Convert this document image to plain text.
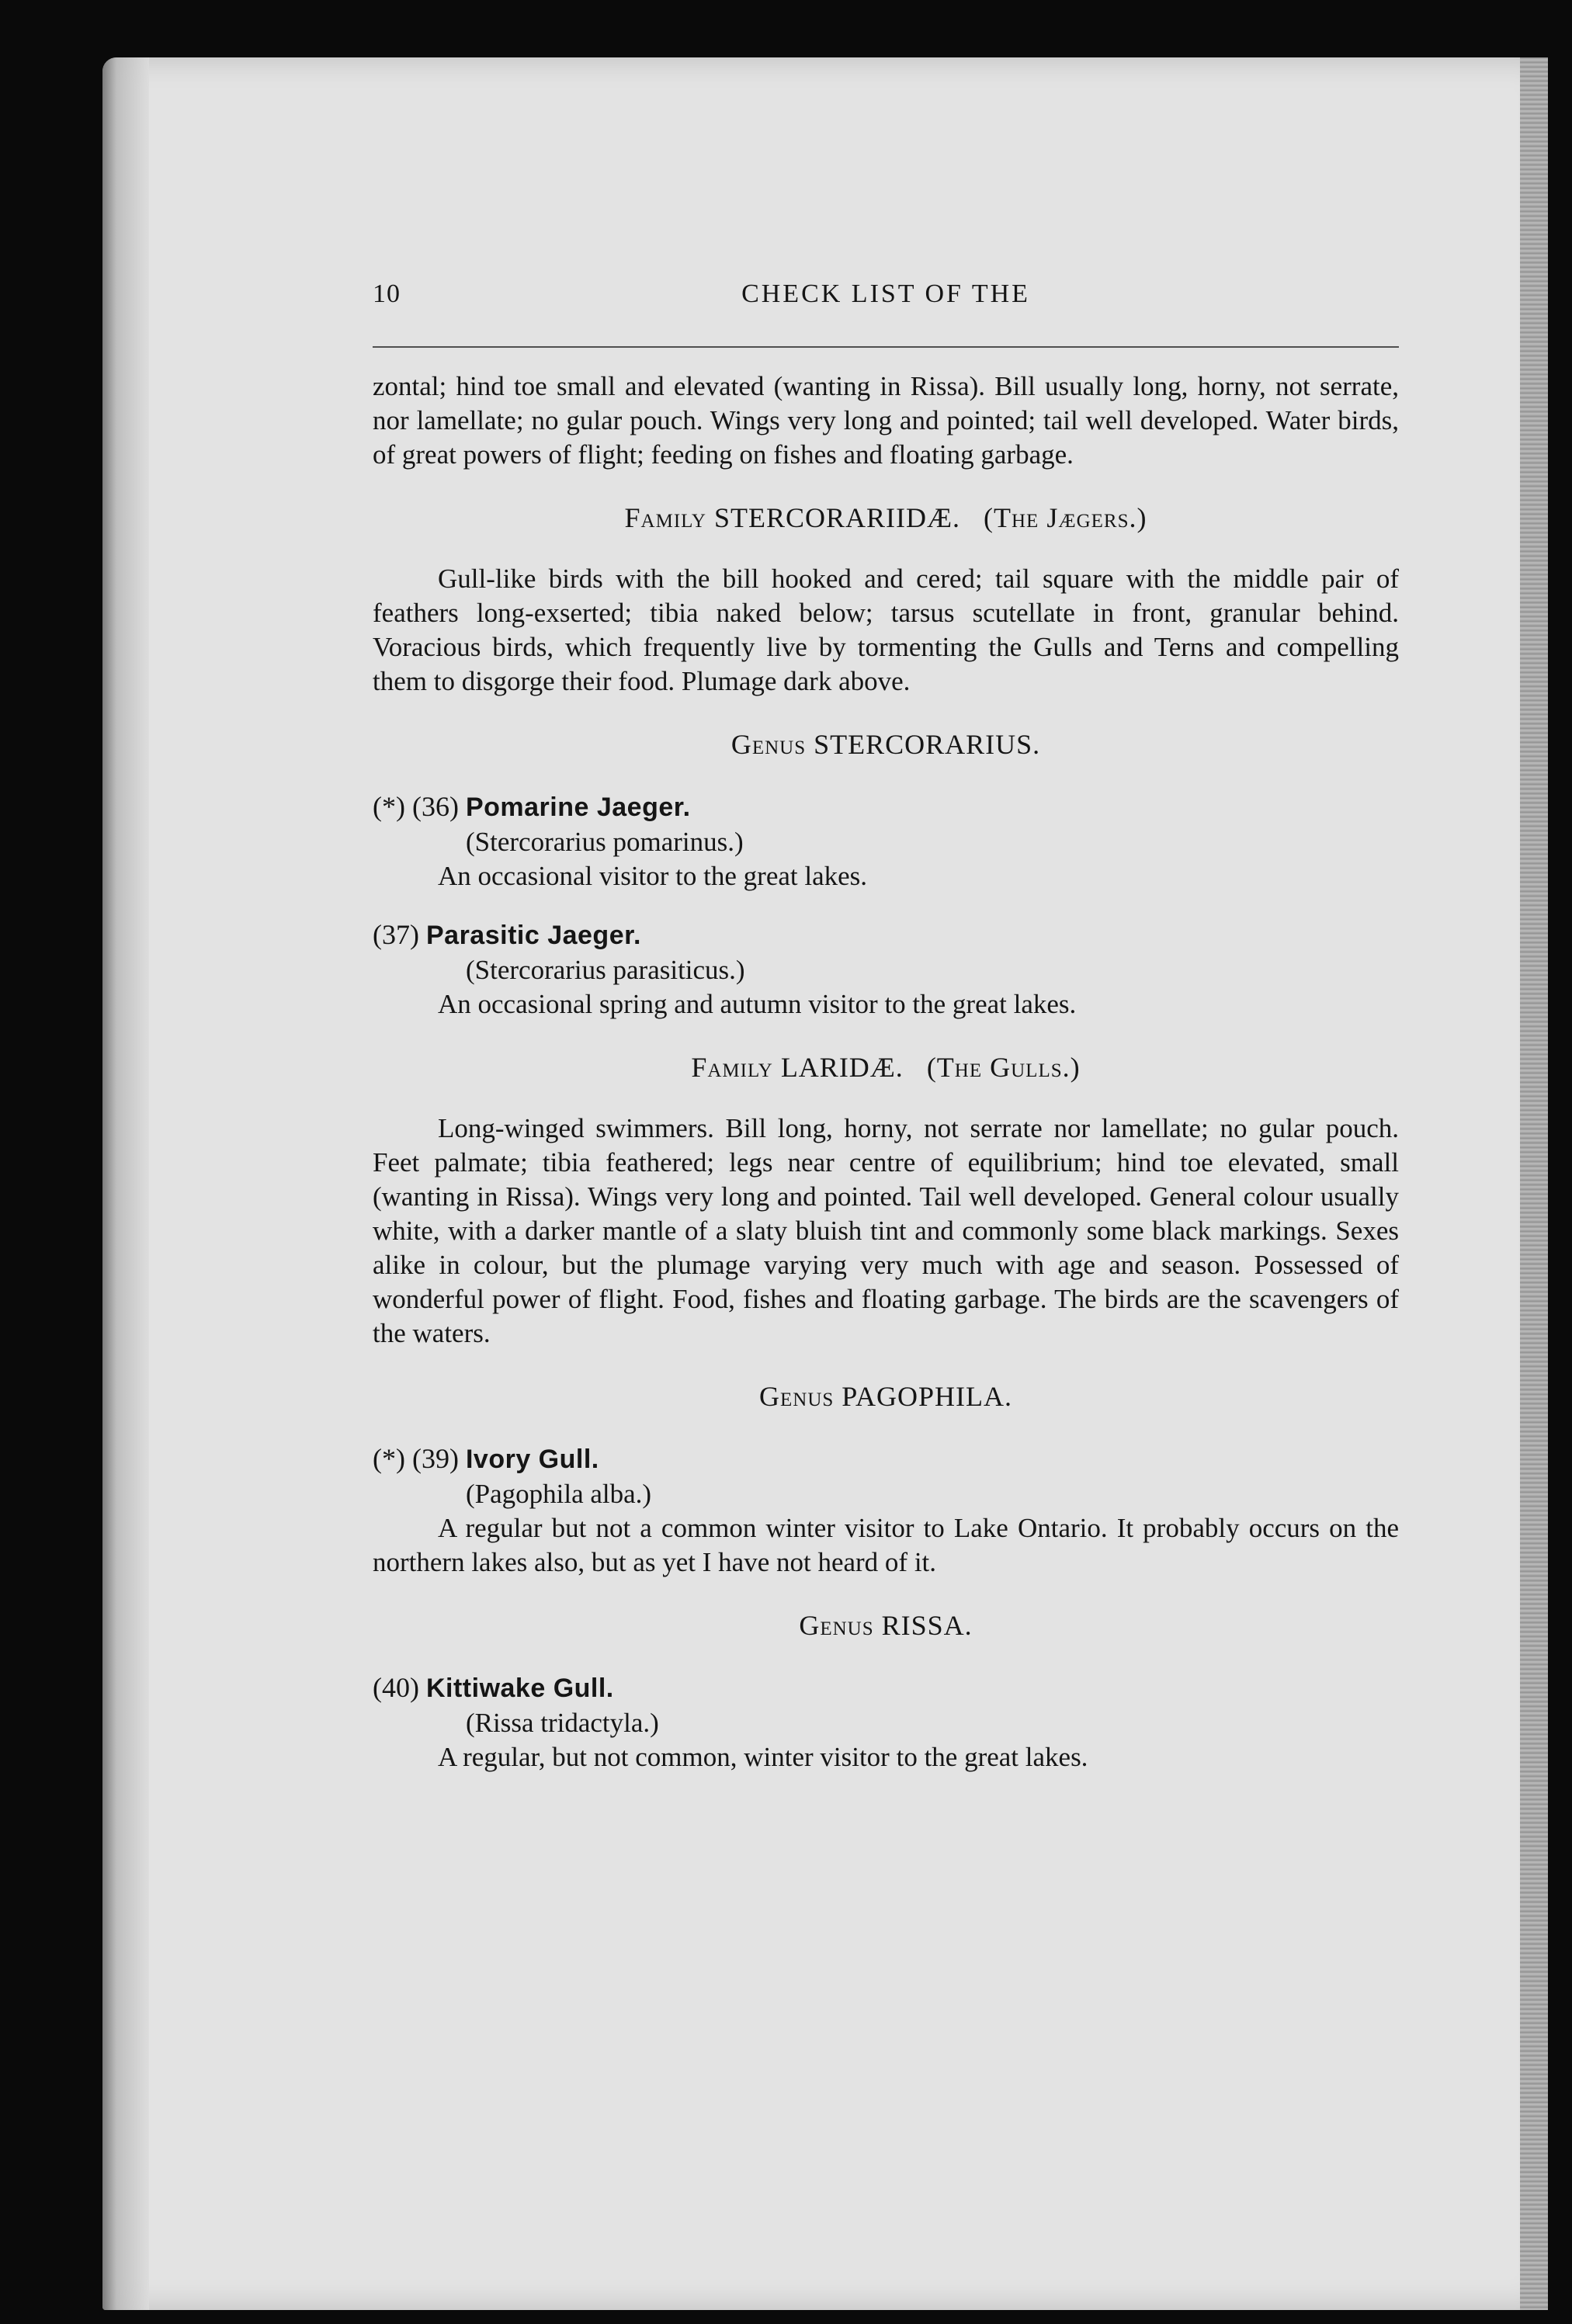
10	CHECK LIST OF THE

zontal; hind toe small and elevated (wanting in Rissa). Bill usually long, horny, not serrate, nor lamellate; no gular pouch. Wings very long and pointed; tail well developed. Water birds, of great powers of flight; feeding on fishes and floating garbage.

Family STERCORARIIDÆ. (The Jægers.)

Gull-like birds with the bill hooked and cered; tail square with the middle pair of feathers long-exserted; tibia naked below; tarsus scutellate in front, granular behind. Voracious birds, which frequently live by tormenting the Gulls and Terns and compelling them to disgorge their food. Plumage dark above.

Genus STERCORARIUS.
(*) (36) Pomarine Jaeger.
(Stercorarius pomarinus.)
An occasional visitor to the great lakes.
(37) Parasitic Jaeger.
(Stercorarius parasiticus.)
An occasional spring and autumn visitor to the great lakes.
Family LARIDÆ. (The Gulls.)

Long-winged swimmers. Bill long, horny, not serrate nor lamellate; no gular pouch. Feet palmate; tibia feathered; legs near centre of equilibrium; hind toe elevated, small (wanting in Rissa). Wings very long and pointed. Tail well developed. General colour usually white, with a darker mantle of a slaty bluish tint and commonly some black markings. Sexes alike in colour, but the plumage varying very much with age and season. Possessed of wonderful power of flight. Food, fishes and floating garbage. The birds are the scavengers of the waters.

Genus PAGOPHILA.
(*) (39) Ivory Gull.
(Pagophila alba.)

A regular but not a common winter visitor to Lake Ontario. It probably occurs on the northern lakes also, but as yet I have not heard of it.

Genus RISSA.
(40) Kittiwake Gull.
(Rissa tridactyla.)
A regular, but not common, winter visitor to the great lakes.
